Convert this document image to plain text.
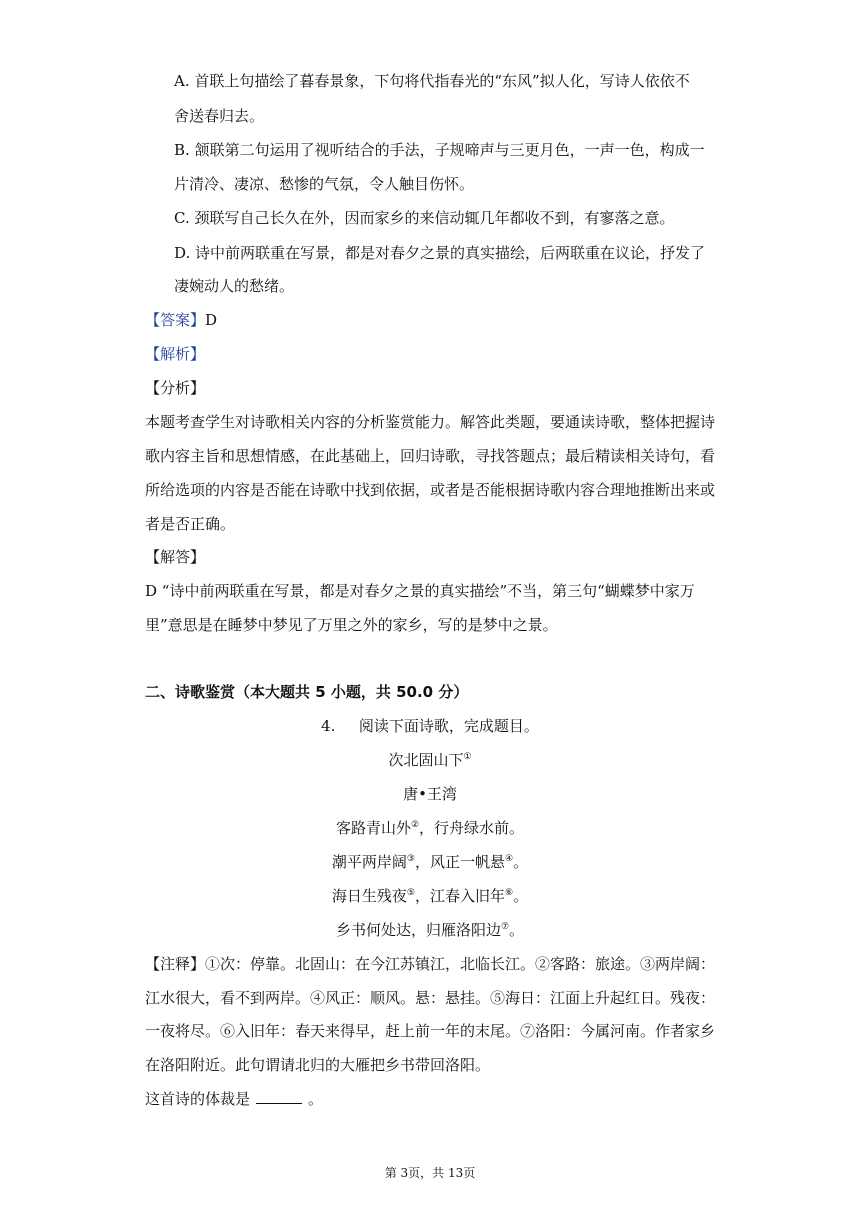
A. 首联上句描绘了暮春景象，下句将代指春光的“东风”拟人化，写诗人依依不
舍送春归去。
B. 颔联第二句运用了视听结合的手法，子规啼声与三更月色，一声一色，构成一
片清冷、凄凉、愁惨的气氛，令人触目伤怀。
C. 颈联写自己长久在外，因而家乡的来信动辄几年都收不到，有寥落之意。
D. 诗中前两联重在写景，都是对春夕之景的真实描绘，后两联重在议论，抒发了
凄婉动人的愁绪。
【答案】D
【解析】
【分析】
本题考查学生对诗歌相关内容的分析鉴赏能力。解答此类题，要通读诗歌，整体把握诗
歌内容主旨和思想情感，在此基础上，回归诗歌，寻找答题点；最后精读相关诗句，看
所给选项的内容是否能在诗歌中找到依据，或者是否能根据诗歌内容合理地推断出来或
者是否正确。
【解答】
D “诗中前两联重在写景，都是对春夕之景的真实描绘”不当，第三句“蝴蝶梦中家万
里”意思是在睡梦中梦见了万里之外的家乡，写的是梦中之景。
二、诗歌鉴赏（本大题共 5 小题，共 50.0 分）
4. 阅读下面诗歌，完成题目。
次北固山下①
唐•王湾
客路青山外②，行舟绿水前。
潮平两岸阔③，风正一帆悬④。
海日生残夜⑤，江春入旧年⑥。
乡书何处达，归雁洛阳边⑦。
【注释】①次：停靠。北固山：在今江苏镇江，北临长江。②客路：旅途。③两岸阔：
江水很大，看不到两岸。④风正：顺风。悬：悬挂。⑤海日：江面上升起红日。残夜：
一夜将尽。⑥入旧年：春天来得早，赶上前一年的末尾。⑦洛阳：今属河南。作者家乡
在洛阳附近。此句谓请北归的大雁把乡书带回洛阳。
这首诗的体裁是	。
第 3页，共 13页
